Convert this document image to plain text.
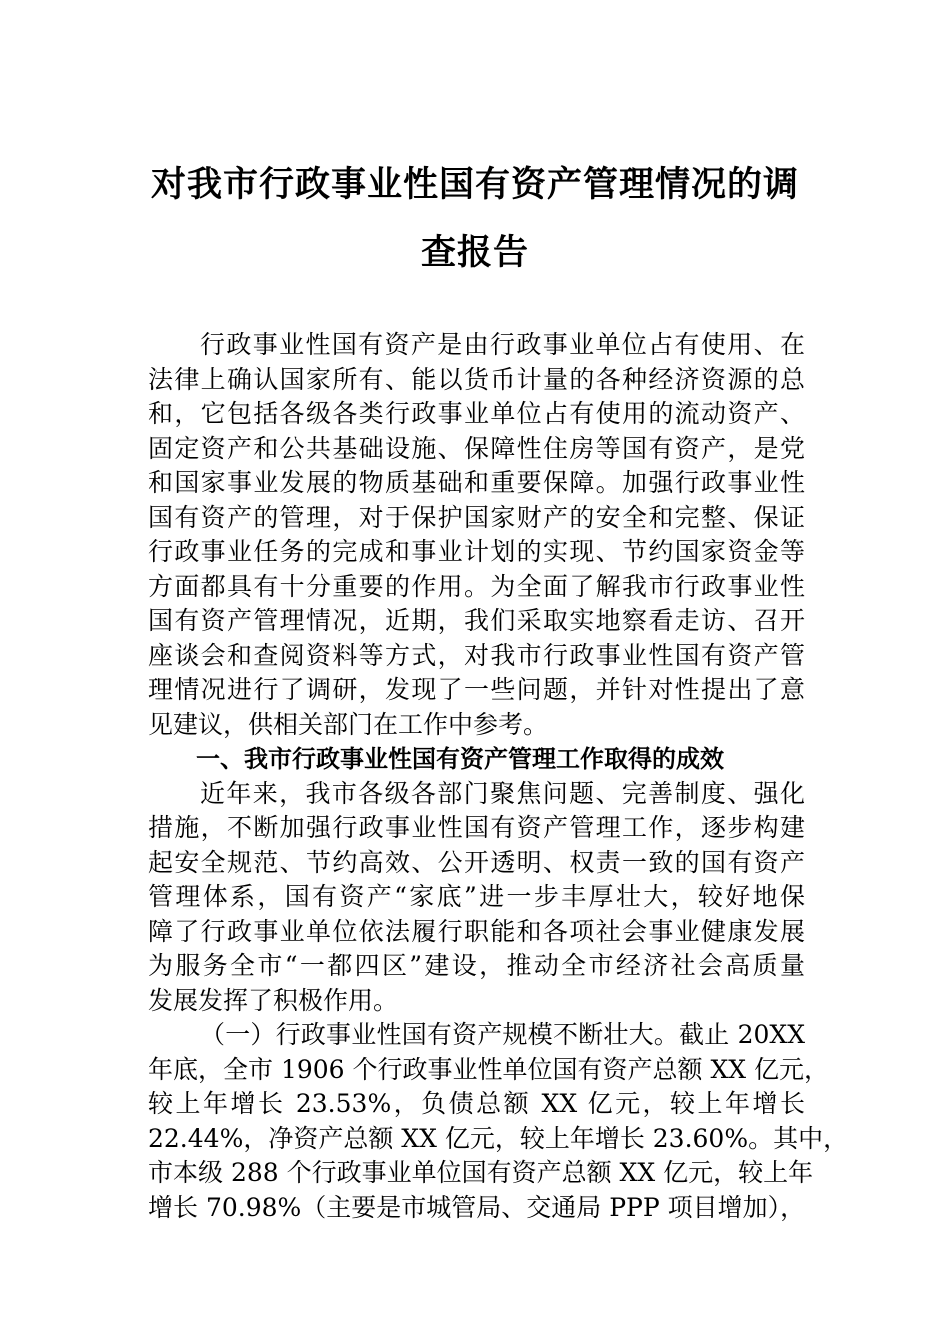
对我市行政事业性国有资产管理情况的调
查报告
行政事业性国有资产是由行政事业单位占有使用、在
法律上确认国家所有、能以货币计量的各种经济资源的总
和，它包括各级各类行政事业单位占有使用的流动资产、
固定资产和公共基础设施、保障性住房等国有资产，是党
和国家事业发展的物质基础和重要保障。加强行政事业性
国有资产的管理，对于保护国家财产的安全和完整、保证
行政事业任务的完成和事业计划的实现、节约国家资金等
方面都具有十分重要的作用。为全面了解我市行政事业性
国有资产管理情况，近期，我们采取实地察看走访、召开
座谈会和查阅资料等方式，对我市行政事业性国有资产管
理情况进行了调研，发现了一些问题，并针对性提出了意
见建议，供相关部门在工作中参考。
一、我市行政事业性国有资产管理工作取得的成效
近年来，我市各级各部门聚焦问题、完善制度、强化
措施，不断加强行政事业性国有资产管理工作，逐步构建
起安全规范、节约高效、公开透明、权责一致的国有资产
管理体系，国有资产“家底”进一步丰厚壮大，较好地保
障了行政事业单位依法履行职能和各项社会事业健康发展
为服务全市“一都四区”建设，推动全市经济社会高质量
发展发挥了积极作用。
（一）行政事业性国有资产规模不断壮大。截止 20XX
年底，全市 1906 个行政事业性单位国有资产总额 XX 亿元，
较上年增长 23.53%，负债总额 XX 亿元，较上年增长
22.44%，净资产总额 XX 亿元，较上年增长 23.60%。其中，
市本级 288 个行政事业单位国有资产总额 XX 亿元，较上年
增长 70.98%（主要是市城管局、交通局 PPP 项目增加），
